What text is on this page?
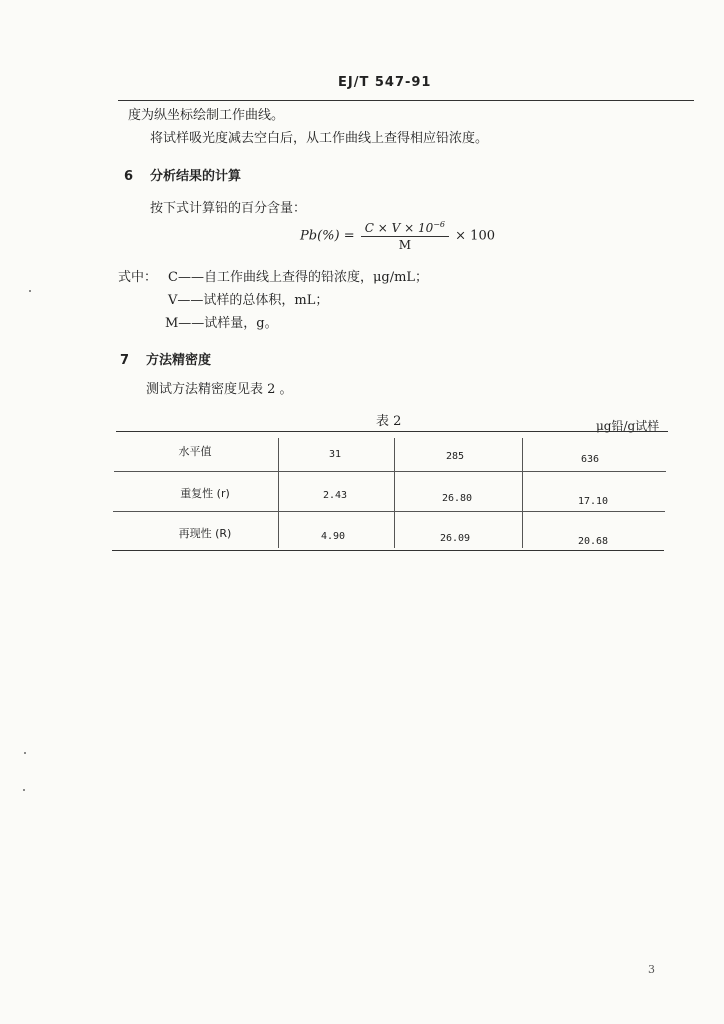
EJ/T 547-91
度为纵坐标绘制工作曲线。
将试样吸光度减去空白后，从工作曲线上查得相应铅浓度。
6 分析结果的计算
按下式计算铅的百分含量：
$Pb(\%) = \frac{C \times V \times 10^{-6}}{M} \times 100$
式中： C——自工作曲线上查得的铅浓度，μg/mL；
V——试样的总体积，mL；
M——试样量，g。
7 方法精密度
测试方法精密度见表 2 。
表 2	μg铅/g试样
水平值	31	285	636
重复性 (r)	2.43	26.80	17.10
再现性 (R)	4.90	26.09	20.68
3
